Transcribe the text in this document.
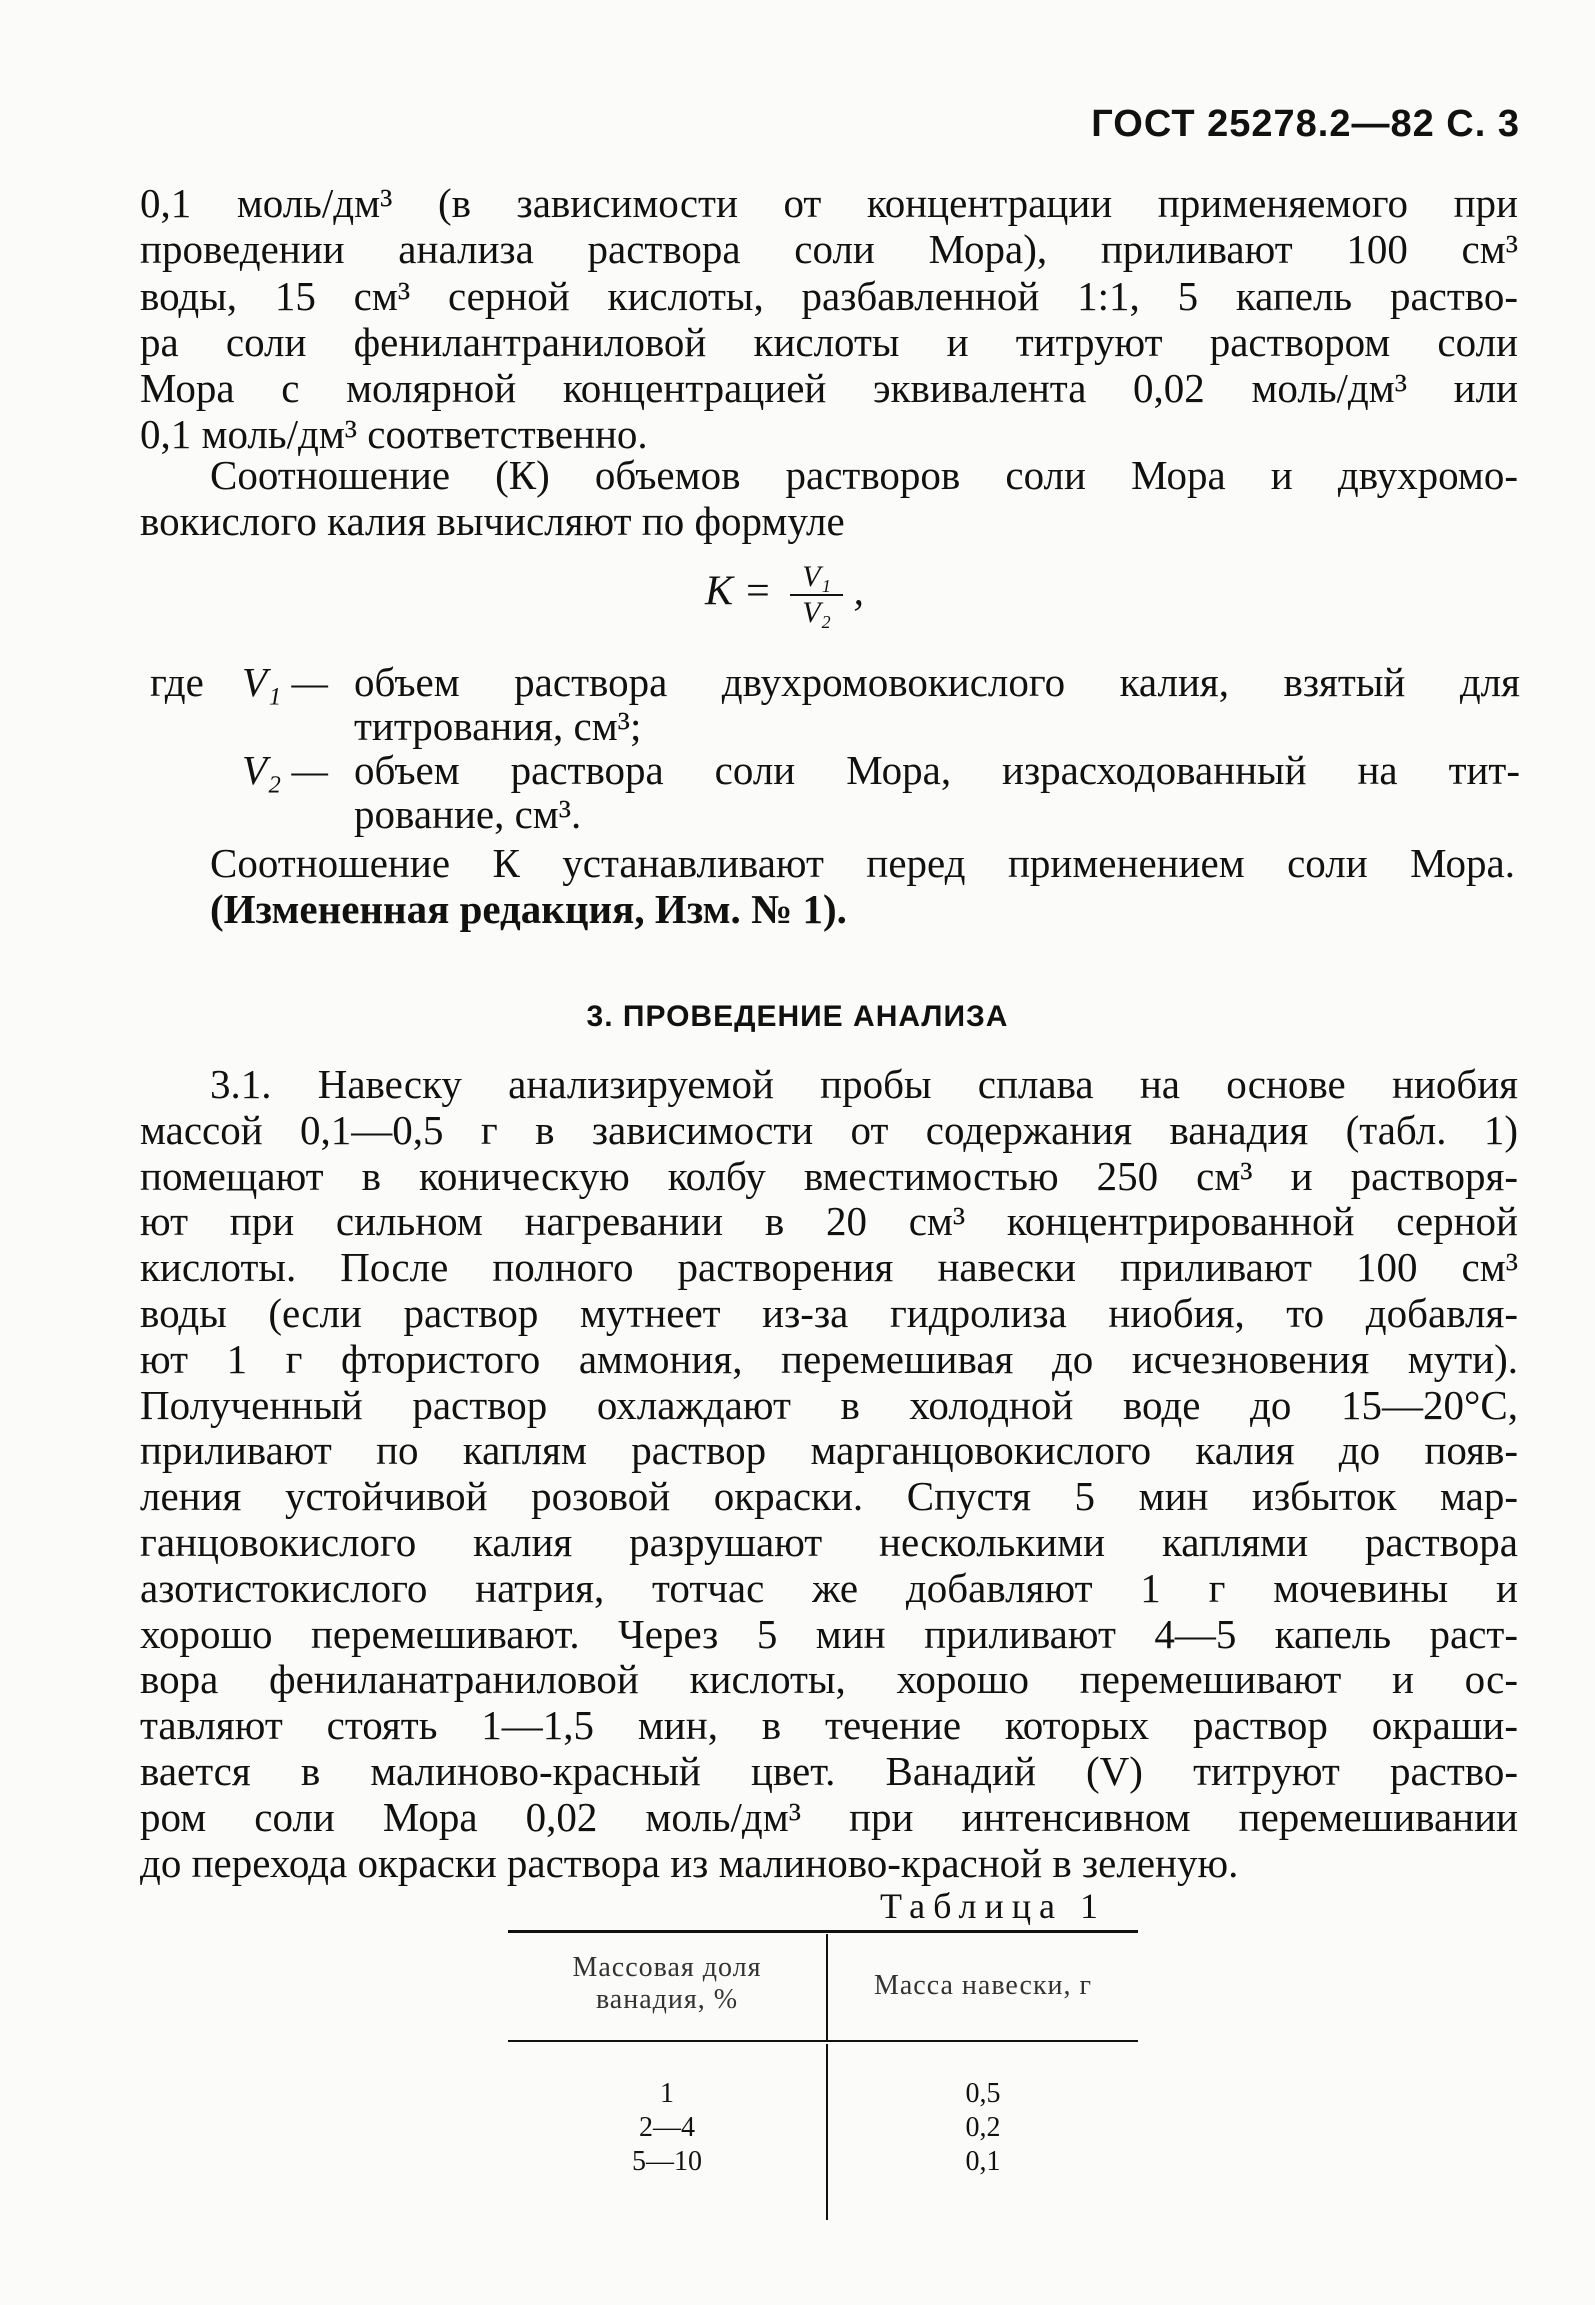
ГОСТ 25278.2—82 С. 3
0,1 моль/дм³ (в зависимости от концентрации применяемого при
проведении анализа раствора соли Мора), приливают 100 см³
воды, 15 см³ серной кислоты, разбавленной 1:1, 5 капель раство-
ра соли фенилантраниловой кислоты и титруют раствором соли
Мора с молярной концентрацией эквивалента 0,02 моль/дм³ или
0,1 моль/дм³ соответственно.
Соотношение (К) объемов растворов соли Мора и двухромо-
вокислого калия вычисляют по формуле
$К = \frac{\text{V₁}}{\text{V₂}}$ ,
где V₁ — объем раствора двухромовокислого калия, взятый для
титрования, см³;
V₂ — объем раствора соли Мора, израсходованный на тит-
рование, см³.
Соотношение К устанавливают перед применением соли Мора.
(Измененная редакция, Изм. № 1).
3. ПРОВЕДЕНИЕ АНАЛИЗА
3.1. Навеску анализируемой пробы сплава на основе ниобия
массой 0,1—0,5 г в зависимости от содержания ванадия (табл. 1)
помещают в коническую колбу вместимостью 250 см³ и растворя-
ют при сильном нагревании в 20 см³ концентрированной серной
кислоты. После полного растворения навески приливают 100 см³
воды (если раствор мутнеет из-за гидролиза ниобия, то добавля-
ют 1 г фтористого аммония, перемешивая до исчезновения мути).
Полученный раствор охлаждают в холодной воде до 15—20°С,
приливают по каплям раствор марганцовокислого калия до появ-
ления устойчивой розовой окраски. Спустя 5 мин избыток мар-
ганцовокислого калия разрушают несколькими каплями раствора
азотистокислого натрия, тотчас же добавляют 1 г мочевины и
хорошо перемешивают. Через 5 мин приливают 4—5 капель раст-
вора фениланатраниловой кислоты, хорошо перемешивают и ос-
тавляют стоять 1—1,5 мин, в течение которых раствор окраши-
вается в малиново-красный цвет. Ванадий (V) титруют раство-
ром соли Мора 0,02 моль/дм³ при интенсивном перемешивании
до перехода окраски раствора из малиново-красной в зеленую.
Таблица 1
Массовая доля
ванадия, %	Масса навески, г
1	0,5
2—4	0,2
5—10	0,1
